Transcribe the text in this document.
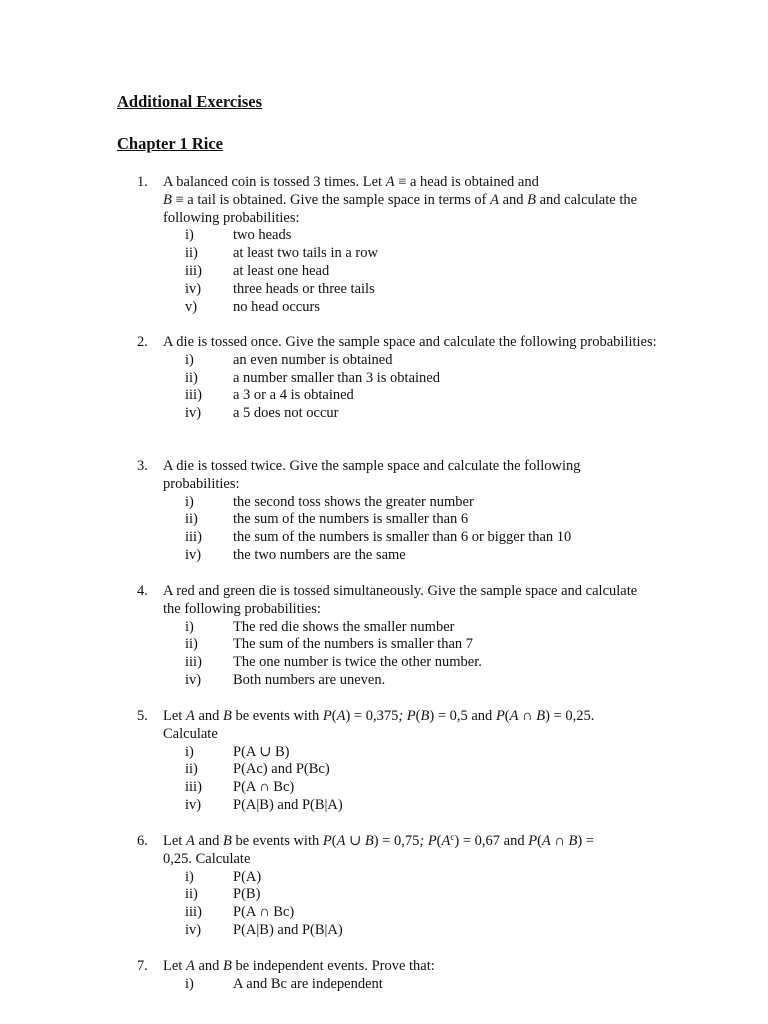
Additional Exercises
Chapter 1 Rice
1.	A balanced coin is tossed 3 times. Let A ≡ a head is obtained and
B ≡ a tail is obtained. Give the sample space in terms of A and B and calculate the following probabilities:
i)	two heads
ii) at least two tails in a row
iii) at least one head
iv) three heads or three tails
v) no head occurs
2.	A die is tossed once. Give the sample space and calculate the following probabilities:
i)	an even number is obtained
ii) a number smaller than 3 is obtained
iii) a 3 or a 4 is obtained
iv) a 5 does not occur
3.	A die is tossed twice. Give the sample space and calculate the following probabilities:
i)	the second toss shows the greater number
ii) the sum of the numbers is smaller than 6
iii) the sum of the numbers is smaller than 6 or bigger than 10
iv) the two numbers are the same
4.	A red and green die is tossed simultaneously. Give the sample space and calculate the following probabilities:
i)	The red die shows the smaller number
ii) The sum of the numbers is smaller than 7
iii) The one number is twice the other number.
iv) Both numbers are uneven.
5.	Let A and B be events with P(A) = 0,375; P(B) = 0,5 and P(A ∩ B) = 0,25.
Calculate
i)	P(A ∪ B)
ii) P(Ac) and P(Bc)
iii) P(A ∩ Bc)
iv) P(A|B) and P(B|A)
6.	Let A and B be events with P(A ∪ B) = 0,75; $P(A^c) = 0,67$ and P(A ∩ B) =
0,25. Calculate
i)	P(A)
ii) P(B)
iii) P(A ∩ Bc)
iv) P(A|B) and P(B|A)
7.	Let A and B be independent events. Prove that:
i)	A and Bc are independent
